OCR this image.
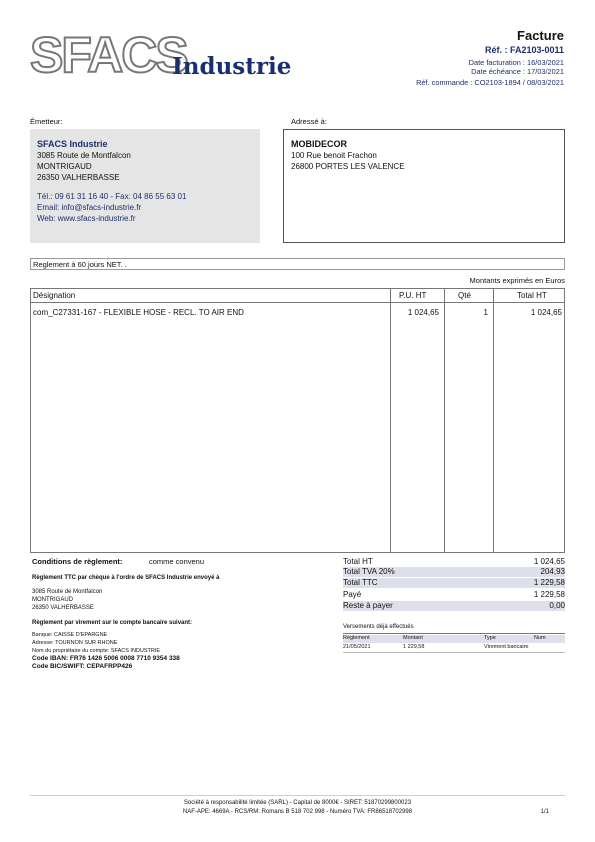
SFACS
Industrie
Facture
Réf. : FA2103-0011
Date facturation : 16/03/2021
Date échéance : 17/03/2021
Réf. commande : CO2103-1894 / 08/03/2021
Émetteur:
SFACS Industrie
3085 Route de Montfalcon
MONTRIGAUD
26350 VALHERBASSE
Tél.: 09 61 31 16 40 - Fax: 04 86 55 63 01
Email: info@sfacs-industrie.fr
Web: www.sfacs-industrie.fr
Adressé à:
MOBIDECOR
100 Rue benoit Frachon
26800 PORTES LES VALENCE
Reglement à 60 jours NET. .
Montants exprimés en Euros
Désignation	P.U. HT	Qté	Total HT
com_C27331-167 - FLEXIBLE HOSE - RECL. TO AIR END	1 024,65	1	1 024,65
Conditions de règlement:	comme convenu
Règlement TTC par chèque à l'ordre de SFACS Industrie envoyé à
3085 Route de Montfalcon
MONTRIGAUD
26350 VALHERBASSE
Règlement par virement sur le compte bancaire suivant:
Banque: CAISSE D'EPARGNE
Adresse: TOURNON SUR RHONE
Nom du propriétaire du compte: SFACS INDUSTRIE
Code IBAN: FR76 1426 5006 0008 7710 9354 338
Code BIC/SWIFT: CEPAFRPP426
Total HT	1 024,65
Total TVA 20%	204,93
Total TTC	1 229,58
Payé	1 229,58
Reste à payer	0,00
Versements déjà effectués
Règlement	Montant	Type	Num
21/05/2021	1 229,58	Virement bancaire
Société à responsabilité limitée (SARL) - Capital de 8000€ - SIRET: 51870299800023
NAF-APE: 4669A - RCS/RM: Romans B 518 702 998 - Numéro TVA: FR86518702998	1/1
